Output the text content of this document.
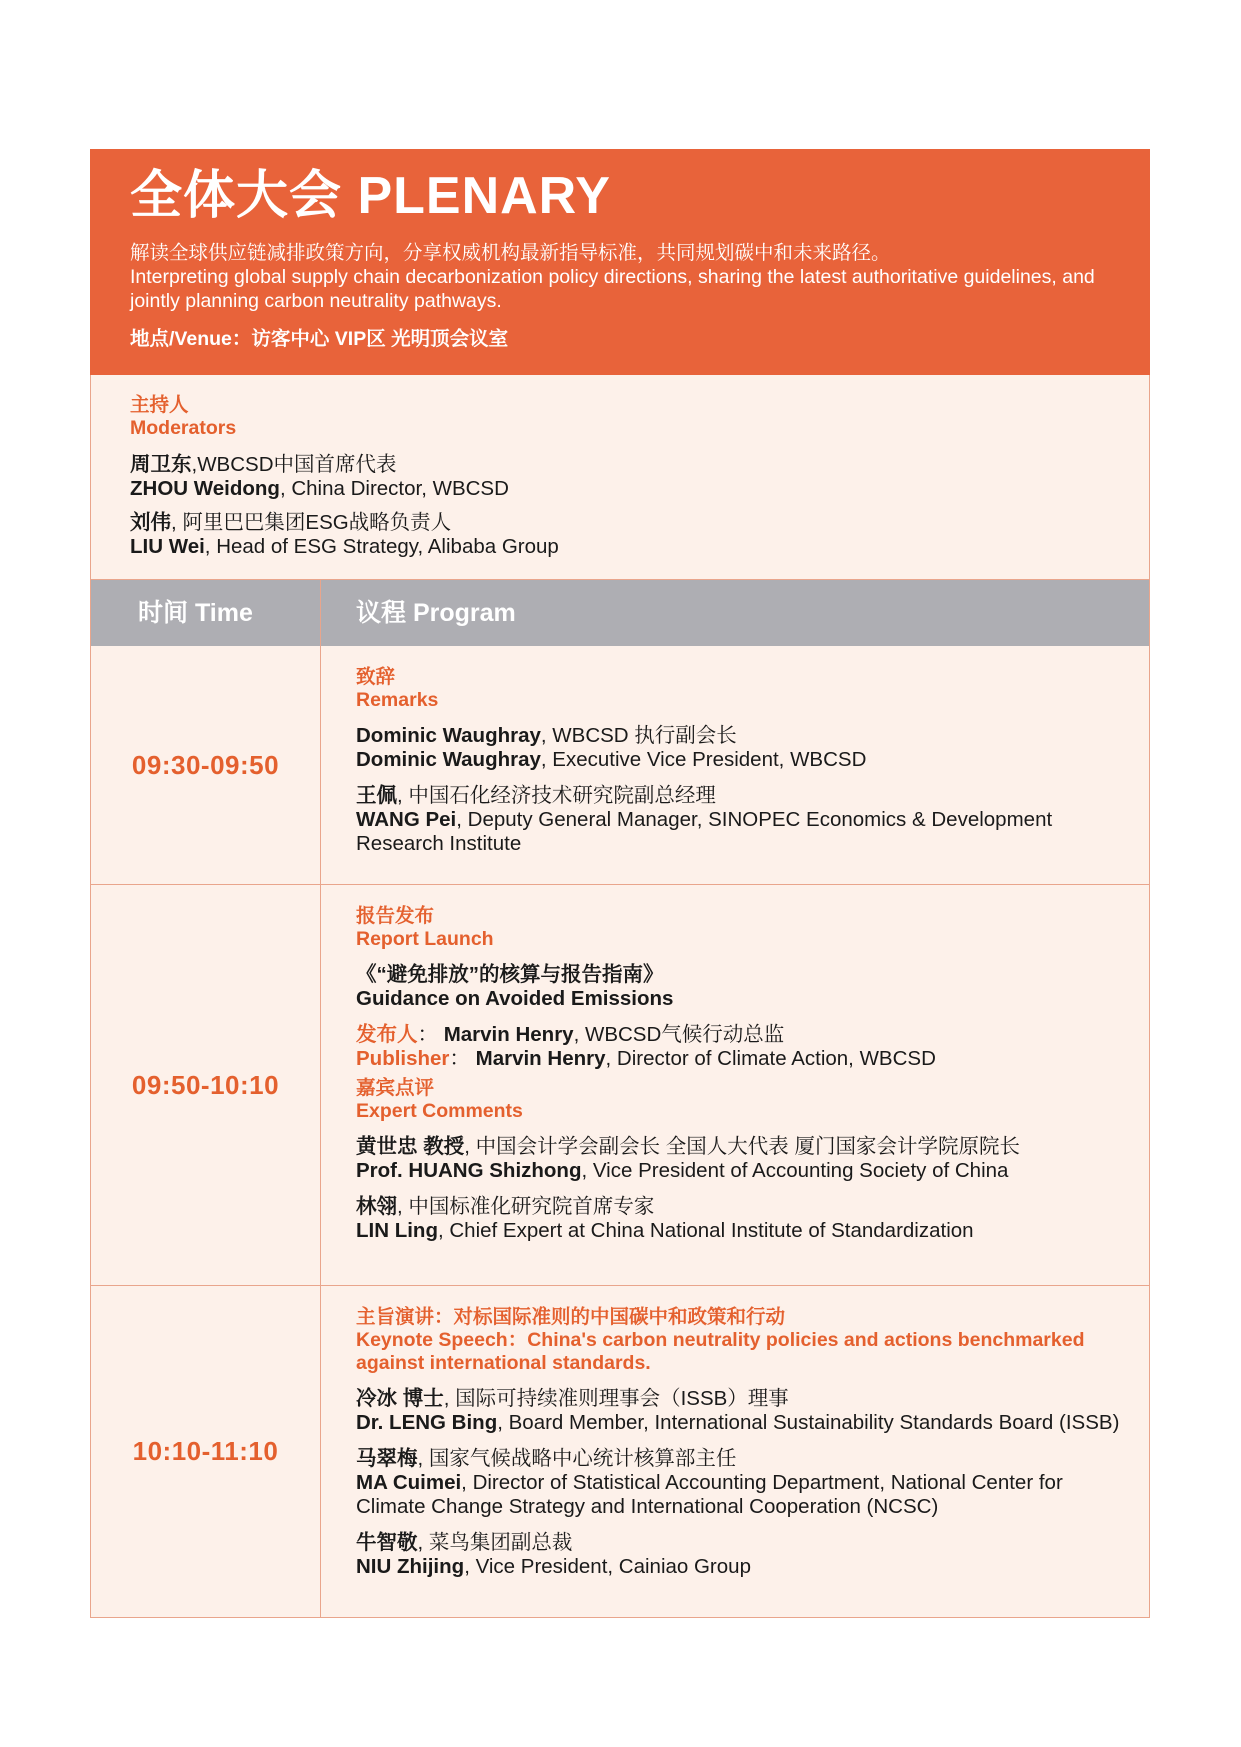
全体大会 PLENARY
解读全球供应链减排政策方向，分享权威机构最新指导标准，共同规划碳中和未来路径。
Interpreting global supply chain decarbonization policy directions, sharing the latest authoritative guidelines, and jointly planning carbon neutrality pathways.
地点/Venue：访客中心 VIP区 光明顶会议室
主持人
Moderators
周卫东,WBCSD中国首席代表
ZHOU Weidong, China Director, WBCSD
刘伟, 阿里巴巴集团ESG战略负责人
LIU Wei, Head of ESG Strategy, Alibaba Group
时间 Time	议程 Program
09:30-09:50
致辞
Remarks
Dominic Waughray, WBCSD 执行副会长
Dominic Waughray, Executive Vice President, WBCSD
王佩, 中国石化经济技术研究院副总经理
WANG Pei, Deputy General Manager, SINOPEC Economics & Development Research Institute
09:50-10:10
报告发布
Report Launch
《“避免排放”的核算与报告指南》
Guidance on Avoided Emissions
发布人： Marvin Henry, WBCSD气候行动总监
Publisher： Marvin Henry, Director of Climate Action, WBCSD
嘉宾点评
Expert Comments
黄世忠 教授, 中国会计学会副会长 全国人大代表 厦门国家会计学院原院长
Prof. HUANG Shizhong, Vice President of Accounting Society of China
林翎, 中国标准化研究院首席专家
LIN Ling, Chief Expert at China National Institute of Standardization
10:10-11:10
主旨演讲：对标国际准则的中国碳中和政策和行动
Keynote Speech：China's carbon neutrality policies and actions benchmarked against international standards.
冷冰 博士, 国际可持续准则理事会（ISSB）理事
Dr. LENG Bing, Board Member, International Sustainability Standards Board (ISSB)
马翠梅, 国家气候战略中心统计核算部主任
MA Cuimei, Director of Statistical Accounting Department, National Center for Climate Change Strategy and International Cooperation (NCSC)
牛智敬, 菜鸟集团副总裁
NIU Zhijing, Vice President, Cainiao Group
